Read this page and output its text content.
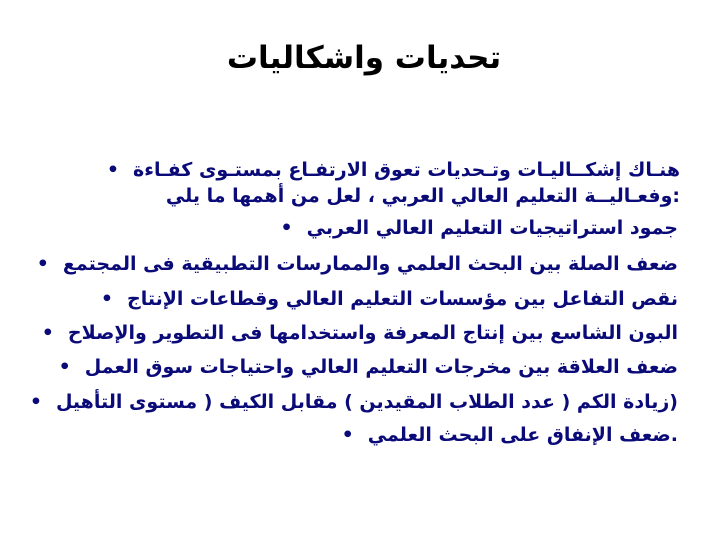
تحديات واشكاليات
هنـاك إشكــاليـات وتـحديات تعوق الارتفـاع بمستـوى كفـاءة•
:وفعـاليــة التعليم العالي العربي ، لعل من أهمها ما يلي
جمود استراتيجيات التعليم العالي العربي•
ضعف الصلة بين البحث العلمي والممارسات التطبيقية فى المجتمع•
نقص التفاعل بين مؤسسات التعليم العالي وقطاعات الإنتاج•
البون الشاسع بين إنتاج المعرفة واستخدامها فى التطوير والإصلاح•
ضعف العلاقة بين مخرجات التعليم العالي واحتياجات سوق العمل•
(زيادة الكم ( عدد الطلاب المقيدين ) مقابل الكيف ( مستوى التأهيل•
.ضعف الإنفاق على البحث العلمي•
